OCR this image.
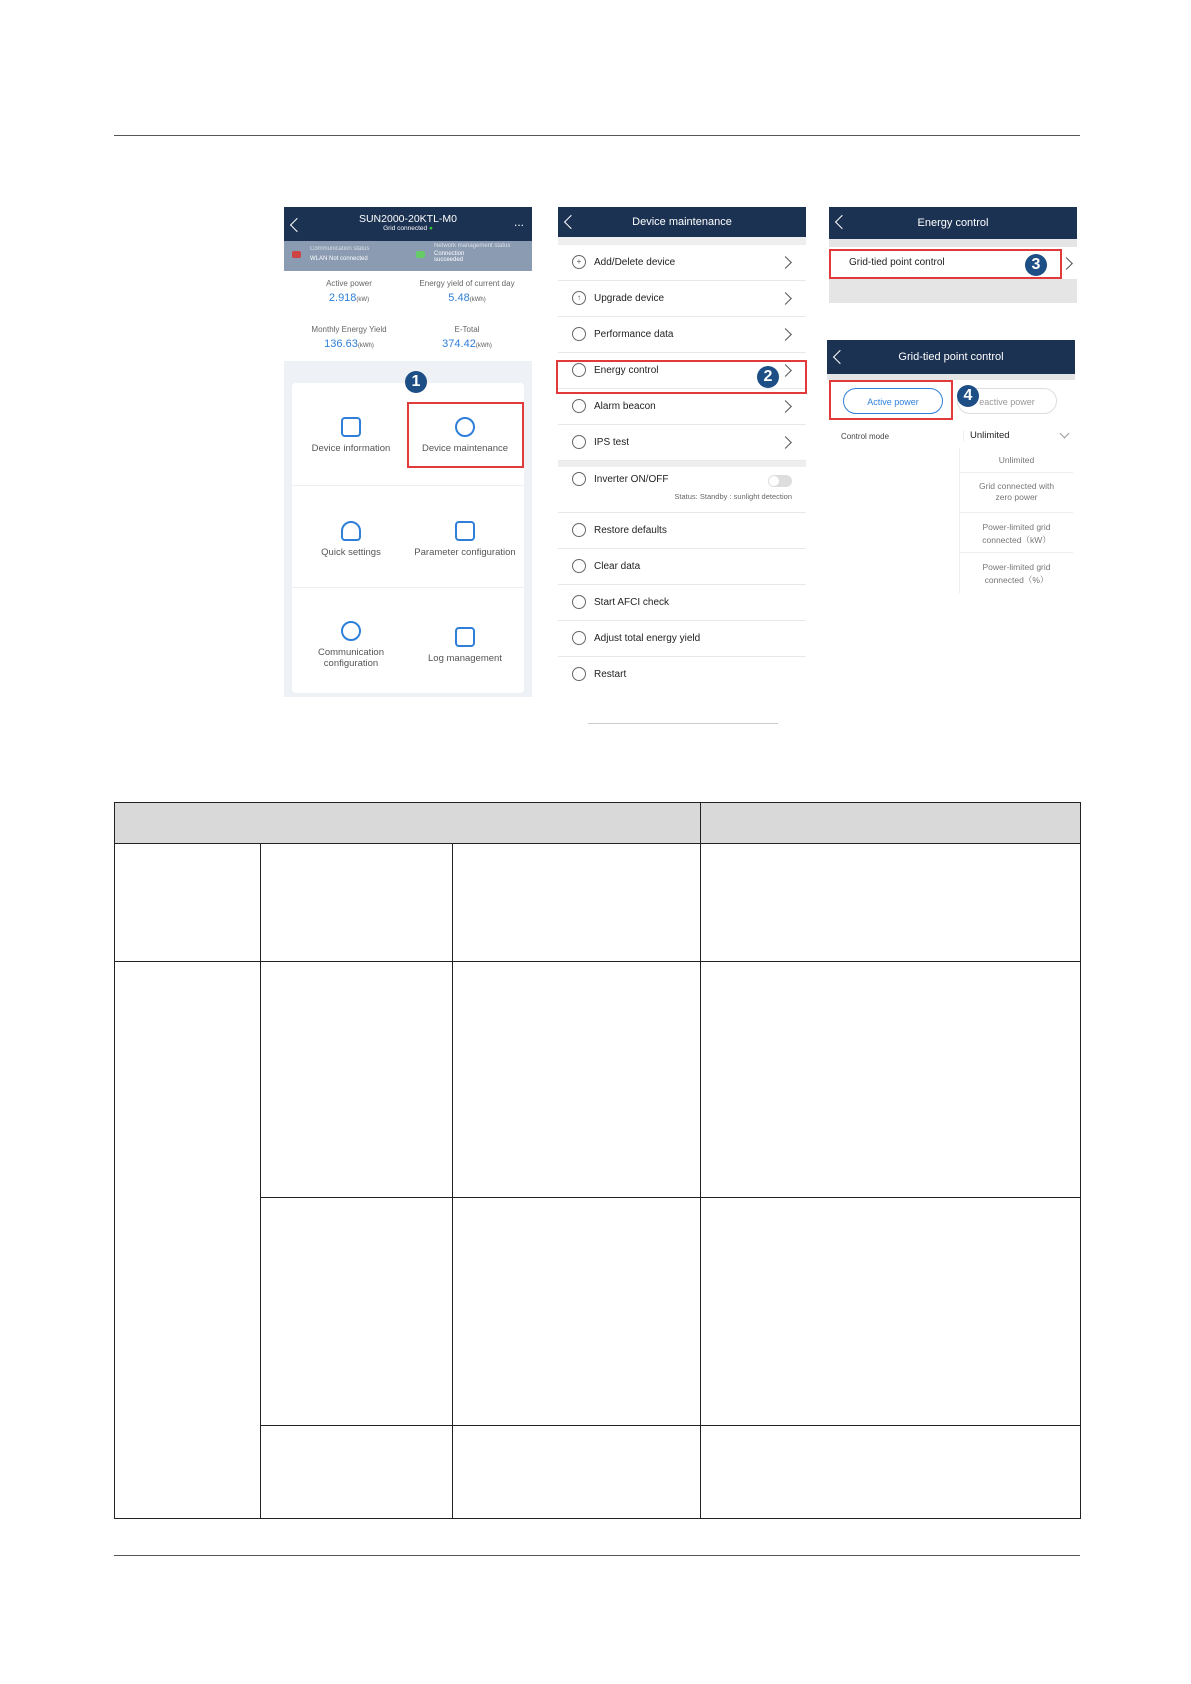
SUN2000-20KTL-M0
Grid connected ●	...
Communication status
WLAN Not connected
Network management status
Connection succeeded
Active power
2.918(kW)
Energy yield of current day
5.48(kWh)
Monthly Energy Yield
136.63(kWh)
E-Total
374.42(kWh)
Device information	Device maintenance
Quick settings	Parameter configuration
Communication configuration	Log management
1
Device maintenance
+ Add/Delete device
↑ Upgrade device
Performance data
Energy control
Alarm beacon
IPS test
Inverter ON/OFF
Status: Standby : sunlight detection
Restore defaults
Clear data
Start AFCI check
Adjust total energy yield
Restart
2
Energy control
Grid-tied point control	3
Grid-tied point control
Active power	eactive power
Control mode	Unlimited
Unlimited
Grid connected with zero power
Power-limited grid connected（kW）
Power-limited grid connected（%）
4
